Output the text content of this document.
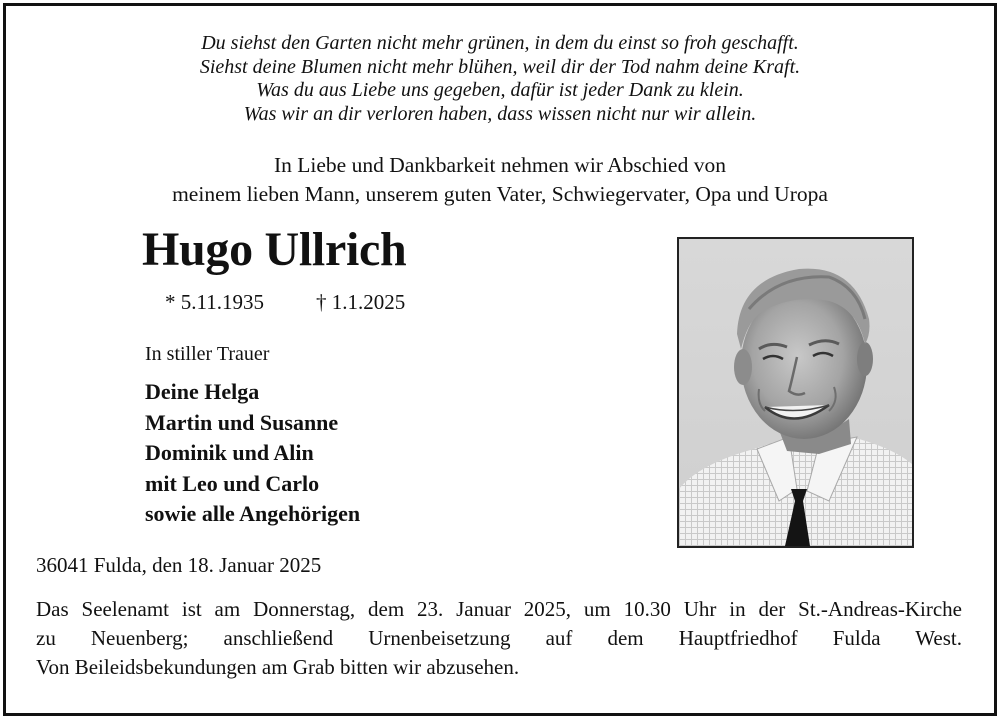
Du siehst den Garten nicht mehr grünen, in dem du einst so froh geschafft.
Siehst deine Blumen nicht mehr blühen, weil dir der Tod nahm deine Kraft.
Was du aus Liebe uns gegeben, dafür ist jeder Dank zu klein.
Was wir an dir verloren haben, dass wissen nicht nur wir allein.
In Liebe und Dankbarkeit nehmen wir Abschied von
meinem lieben Mann, unserem guten Vater, Schwiegervater, Opa und Uropa
Hugo Ullrich
* 5.11.1935 † 1.1.2025
In stiller Trauer
Deine Helga
Martin und Susanne
Dominik und Alin
mit Leo und Carlo
sowie alle Angehörigen
36041 Fulda, den 18. Januar 2025
Das Seelenamt ist am Donnerstag, dem 23. Januar 2025, um 10.30 Uhr in der St.-Andreas-Kirche
zu Neuenberg; anschließend Urnenbeisetzung auf dem Hauptfriedhof Fulda West.
Von Beileidsbekundungen am Grab bitten wir abzusehen.
